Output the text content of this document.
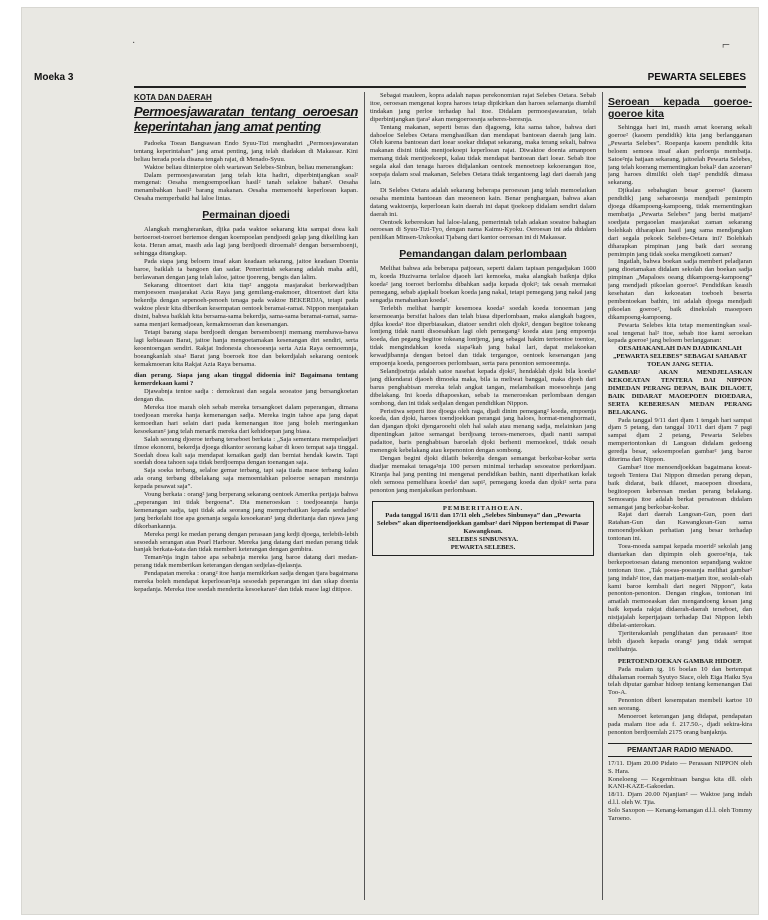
·	⌐
Moeka 3	PEWARTA SELEBES
KOTA DAN DAERAH
Permoesjawaratan tentang oeroesan keperintahan jang amat penting

Padoeka Toean Bangsawan Endo Syuu-Tizi menghadiri „Permoesjawaratan tentang keperintahan” jang amat penting, jang telah diadakan di Makassar. Kini beliau berada poela disana tengah rajat, di Menado-Syuu.

Waktoe beliau diinterpioe oleh wartawan Selebes-Sinbun, beliau menerangkan:

Dalam permoesjawaratan jang telah kita hadiri, diperbintjangkan soal² mengenai: Oesaha mengoempoelkan hasil² tanah selakoe bahan². Oesaha menambahkan hasil² barang makanan. Oesaha memenoehi keperloean kapan. Oesaha memperbaiki hal laloe lintas.

Permainan djoedi

Alangkah mengherankan, djika pada waktoe sekarang kita sampai doea kali bertoeroet-toeroet bertemoe dengan koempoelan pendjoedi gelap jang dikeliling kan kota. Heran amat, masih ada lagi jang berdjoedi diroemah² dengan bersemboenji, sehingga ditangkap.

Pada siapa jang beloem insaf akan keadaan sekarang, jaitoe keadaan Doenia baroe, baiklah ia bangoen dan sadar. Pemerintah sekarang adalah maha adil, berlawanan dengan jang telah laloe, jaitoe tjoereng, bengis dan lalim.

Sekarang ditoentoet dari kita tiap² anggota masjarakat berkewadjiban menjoesoen masjarakat Azia Raya jang gemilang-makmoer, ditoentoet dari kita bekerdja dengan sepenoeh-penoeh tenaga pada waktoe BEKERDJA, tetapi pada waktoe plesir kita diberikan kesempatan oentoek beramai-ramai. Nippon menjatakan disini, bahwa baiklah kita bersama-sama bekerdja, sama-sama beramai-ramai, sama-sama menjari kemadjoean, kemakmoeran dan kesenangan.

Tetapi barang siapa berdjoedi dengan bersemboenji memang membawa-bawa lagi kebiasaan Barat, jaitoe hanja mengoetamakan kesenangan diri sendiri, serta keoentoengan sendiri. Rakjat Indonesia choesoesnja serta Azia Raya oemoemnja, boeangkanlah sisa² Barat jang boeroek itoe dan bekerdjalah sekarang oentoek kemakmoeran kita Rakjat Azia Raya bersama.

dian perang. Siapa jang akan tinggal didoenia ini? Bagaimana tentang kemerdekaan kami ?

Djawabnja tentoe sadja : demokrasi dan segala seoeatoe jang bersangkoetan dengan dia.

Mereka itoe marah oleh sebab mereka tersangkoet dalam peperangan, dimana toedjoean mereka hanja kemenangan sadja. Mereka ingin tahoe apa jang dapat kemoedian hari selain dari pada kemenangan itoe jang boleh meringankan kesoekaran² jang telah menarik mereka dari kehidoepan jang biasa.

Salah seorang djoeroe terbang terseboet berkata : „Saja sementara mempeladjari ilmoe ekonomi, bekerdja djoega dikantor seorang kabar di koeo tempat saja tinggal. Soedah doea kali saja mendapat kenaikan gadji dan berniat hendak kawin. Tapi soedah doea tahoen saja tidak berdjoempa dengan toenangan saja.

Saja soeka terbang, selaloe gemar terbang, tapi saja tiada maoe terbang kalau ada orang terbang dibelakang saja memoentahkan peloeroe senapan mesinnja kepada pesawat saja”.

Voung berkata : orang² jang berperang sekarang oentoek Amerika pertjaja bahwa „peperangan ini tidak bergoena”. Dia meneroeskan : toedjoeannja hanja kemenangan sadja, tapi tidak ada seorang jang memperhatikan kepada serdadoe² jang berkelahi itoe apa goenanja segala kesoekaran² jang dideritanja dan njawa jang dikorbankannja.

Mereka pergi ke medan perang dengan perasaan jang kedji djoega, terlebih-lebih sesoedah serangan atas Pearl Harbour. Mereka jang datang dari medan perang tidak banjak berkata-kata dan tidak memberi keterangan dengan gembira.

Teman²nja ingin tahoe apa sebabnja mereka jang baroe datang dari medan-perang tidak memberikan keterangan dengan sedjelas-djelasnja.

Pendapatan mereka : orang² itoe hanja memikirkan sadja dengan tjara bagaimana mereka boleh mendapat keperloean²nja sesoedah peperangan ini dan sikap doenia kepadanja. Mereka itoe soedah menderita kesoekaran² dan tidak maoe lagi ditipoe.

Sebagai mauleen, kopra adalah napas perekonomian rajat Selebes Oetara. Sebab itoe, oeroesan mengenai kopra haroes tetap dipikirkan dan haroes selamanja diambil tindakan jang perloe terhadap hal itoe. Didalam permoesjawaratan, telah diperbintjangkan tjara² akan mengoeroesnja seberes-beresnja.

Tentang makanan, seperti beras dan djagoeng, kita sama tahoe, bahwa dari dahoeloe Selebes Oetara menghasilkan dan mendapat bantoean daerah jang lain. Oleh karena bantoean dari loear soekar didapat sekarang, maka terang sekali, bahwa makanan disini tidak mentjoekoepi keperloean rajat. Diwaktoe doenia amanpoen memang tidak mentjoekoepi, kalau tidak mendapat bantoean dari loear. Sebab itoe segala akal dan tenaga haroes didjalankan oentoek menoetoep kekoerangan itoe, soepaja dalam soal makanan, Selebes Oetara tidak tergantoeng lagi dari daerah jang lain.

Di Selebes Oetara adalah sekarang beberapa peroesoan jang telah memoelaikan oesaha meminta bantoean dan meoeneon kain. Benar penghargaan, bahwa akan datang waktoenja, keperloean kain daerah ini dapat tjoekoep didalam sendiri dalam daerah ini.

Oentoek kebereskan hal laloe-lalang, pemerintah telah adakan soeatoe bahagian oeroesan di Syuu-Tizi-Tyo, dengan nama Kaimu-Kyoku. Oeroesan ini ada didalam penilikan Minsen-Unkookai Tjabang dari kantor oeroesan ini di Makassar.

Pemandangan dalam perlombaan

Melihat bahwa ada beberapa patjoean, seperti dalam tapisan pengadjakan 1600 m, koeda Huzivarna terlaloe djaoeh lari kemoeka, maka alangkah baiknja djika koeda² jang toeroet berlomba dibahkan sadja kepada djoki²; tak oesah memakai pemegang, sebab ajapkali boekan koeda jang nakal, tetapi pemegang jang nakal jang sengadja menahankan koeda².

Terlebih melihat hampir kesemoea koeda² soedah koeda tonoeman jang kesemoeanja bersifat haloes dan telah biasa diperlombaan, maka alangkah bagoes, djika koeda² itoe diperbiasakan, diatoer sendiri oleh djoki², dengan begitoe tokeang lontjeng tidak nanti disoesahkan lagi oleh pemegang² koeda atau jang empoenja koeda, dan pegang begitoe tokeang lontjeng, jang sebagai hakim tertoentoe toentoe, tidak mengindahkan koeda siapa²kah jang bakal lari, dapat melakoekan kewadjibannja dengan betoel dan tidak tergangoe, oentoek kesenangan jang empoenja koeda, pengoeroes perlombaan, serta para penonton semoeemnja.

Selandjoetnja adalah satoe nasehat kepada djoki², hendaklah djoki bila koeda² jang dikendarai djaoeh dimoeka maka, bila ia meliwat banggal, maka djoeh dari barus penghabisan mereka telah angkat tangan, melambaikan moesoehnja jang dibelakang. Ini koeda dihapoeskan, sebab ia meneroeskan perlombaan dengan sombong, dan ini tidak sedjalan dengan pendidikan Nippon.

Peristiwa seperti itoe djoega oleh raga, djadi dinim pemegang² koeda, empoenja koeda, dan djoki, haroes toendjoekkan perangai jang haloes, hormat-menghormati, dan djangan djoki djengarooehi oleh hal salah atau menang sadja, melainkan jang dipentingkan jaitoe semangat berdjoang teroes-meneroes, djadi nanti sampai padaitoe, baris penghabisan baroelah djoki berhenti memoekoel, tidak oesah menengok kebelakang atau kepenonton dengan sombong.

Dengan begini djoki dilatih bekerdja dengan semangat berkobar-kobar serta diadjar memakai tenaga²nja 100 persen minimal terhadap sesoeatoe perkerdjaan. Kiranja hal jang penting ini mengenai pendidikan bathin, nanti diperhatikan kelak oleh semoea pemelihara koeda² dan sapi², pemegang koeda dan djoki² serta para penonton jang menjaksikan perlombaan.

PEMBERITAHOEAN.
Pada tanggal 16/11 dan 17/11 oleh „Selebes Sinbunsya” dan „Pewarta Selebes” akan dipertoendjoekkan gambar² dari Nippon bertempat di Pasar Kawangkoan.
SELEBES SINBUNSYA.
PEWARTA SELEBES.
Seroean kepada goeroe-goeroe kita

Sehingga hari ini, masih amat koerang sekali goeroe² (kaoem pendidik) kita jang berlangganan „Pewarta Selebes”. Roepanja kaoem pendidik kita beloem semoea insaf akan perloenja membatja. Satoe²nja batjaan sekarang, jaitoelah Pewarta Selebes, jang telah koerang mementingkan bekal² dan azoeran² jang haroes dimiliki oleh tiap² pendidik dimasa sekarang.

Djikalau sebahagian besar goeroe² (kaoem pendidik) jang seharoesnja mendjadi pemimpin djoega dikampoeng-kampoeng, tidak mementingkan membatja „Pewarta Selebes” jang berisi matjam² soedjata pergaoelan masjarakat zaman sekarang bolehkah diharapkan hasil jang sama mendjangkan dari segala pekoek Selebes-Oetara ini? Bolehkah diharapkan pimpinan jang baik dari seorang pemimpin jang tidak soeka mengikoeti zaman?

Ingatlah, bahwa boekan sadja memberi peladjaran jang dioetamakan didalam sekolah dan boekan sadja pimpinan „Mapaloes oeang dikampoeng-kampoeng” jang mendjadi pikoelan goeroe². Pendidikan keasih kesehatan dan kekoeatan toeboeh beserta pembentoekan bathin, ini adalah djoega mendjadi pikoelan goeroe², baik dinekolah maoepoen dikampoeng-kampoeng.

Pewarta Selebes kita tetap mementingkan soal-soal tengenai hal² itoe, sebab itoe kami seroekan kepada goeroe² jang beloem berlangganan:

OESAHAKANLAH DAN DJADIKANLAH „PEWARTA SELEBES” SEBAGAI SAHABAT TOEAN JANG SETIA.

GAMBAR² AKAN MENDJELASKAN KEKOEATAN TENTERA DAI NIPPON DIMEDAN PERANG DEPAN, BAIK DILAOET, BAIK DIDARAT MAOEPOEN DIOEDARA, SERTA KEBERESAN MEDAN PERANG BELAKANG.

Pada tanggal 9/11 dari djam 1 tengah hari sampai djam 5 petang, dan tanggal 10/11 dari djam 7 pagi sampai djam 2 petang, Pewarta Selebes mempertontonkan di Langoan didalam gedoeng geredja besar, sekoempoelan gambar² jang baroe diterima dari Nippon.

Gambar² itoe menoendjoekkan bagaimana koeat-tegoeh Tentera Dai Nippon dimedan perang depan, baik didarat, baik dilaoet, maoepoen dioedara, begitoepoen keberesan medan perang belakang. Semoeanja itoe adalah berkat persatoean didalam semangat jang berkobar-kobar.

Rajat dari daerah Langoan-Gun, poen dari Ratahan-Gun dan Kawangkoan-Gun sama menoendjoekkan perhatian jang besar terhadap tontonan ini.

Toea-moeda sampai kepada moerid² sekolah jang diantarkan dan dipimpin oleh goeroe²nja, tak berkepoetoesan datang menonton sepandjang waktoe tontonan itoe. „Tak poeas-poeasnja melihat gambar² jang indah² itoe, dan matjam-matjam itoe, seolah-olah kami baroe kembali dari negeri Nippon”, kata penonton-penonton. Dengan ringkas, tontonan ini amatlah memoeaskan dan mengandoeng kesan jang baik kepada rakjat didaerah-daerah terseboet, dan nistjajalah kepertjajaan terhadap Dai Nippon lebih dibelat-anterokan.

Tjeriterakanlah penglihatan dan perasaan² itoe lebih djaoeh kepada orang² jang tidak sempat melihatnja.

PERTOENDJOEKAN GAMBAR HIDOEP.

Pada malam tg. 16 boelan 10 dan bertempat dihalaman roemah Syutyo Siace, oleh Eiga Haiku Sya telah diputar gambar hidoep tentang kemenangan Dai Too-A.

Penonton diberi kesempatan membeli kartoe 10 sen seorang.

Menoeroet keterangan jang didapat, pendapatan pada malam itoe ada f. 217.50.-, djadi sekira-kira penonton berdjoemlah 2175 orang banjaknja.

PEMANTJAR RADIO MENADO.
17/11. Djam 20.00 Pidato — Perasaan NIPPON oleh S. Hara.
Koneloeng — Kegembiraan bangsa kita dll. oleh KANI-KAZE-Gakoedan.
18/11. Djam 20.00 Njanjian² — Waktoe jang indah d.l.l. oleh W. Tjia.
Solo Saxopon — Kenang-kenangan d.l.l. oleh Tommy Taroeno.
